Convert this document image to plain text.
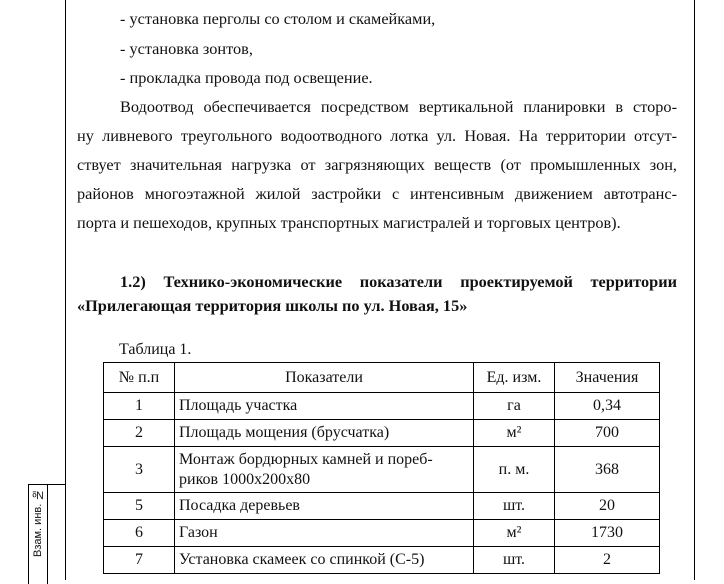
Взам. инв. №
- установка перголы со столом и скамейками,
- установка зонтов,
- прокладка провода под освещение.
Водоотвод обеспечивается посредством вертикальной планировки в сторо-
ну ливневого треугольного водоотводного лотка ул. Новая. На территории отсут-
ствует значительная нагрузка от загрязняющих веществ (от промышленных зон,
районов многоэтажной жилой застройки с интенсивным движением автотранс-
порта и пешеходов, крупных транспортных магистралей и торговых центров).
1.2) Технико-экономические показатели проектируемой территории
«Прилегающая территория школы по ул. Новая, 15»
Таблица 1.
№ п.п	Показатели	Ед. изм.	Значения
1	Площадь участка	га	0,34
2	Площадь мощения (брусчатка)	м²	700
3	Монтаж бордюрных камней и пореб-
риков 1000x200x80	п. м.	368
5	Посадка деревьев	шт.	20
6	Газон	м²	1730
7	Установка скамеек со спинкой (С-5)	шт.	2
